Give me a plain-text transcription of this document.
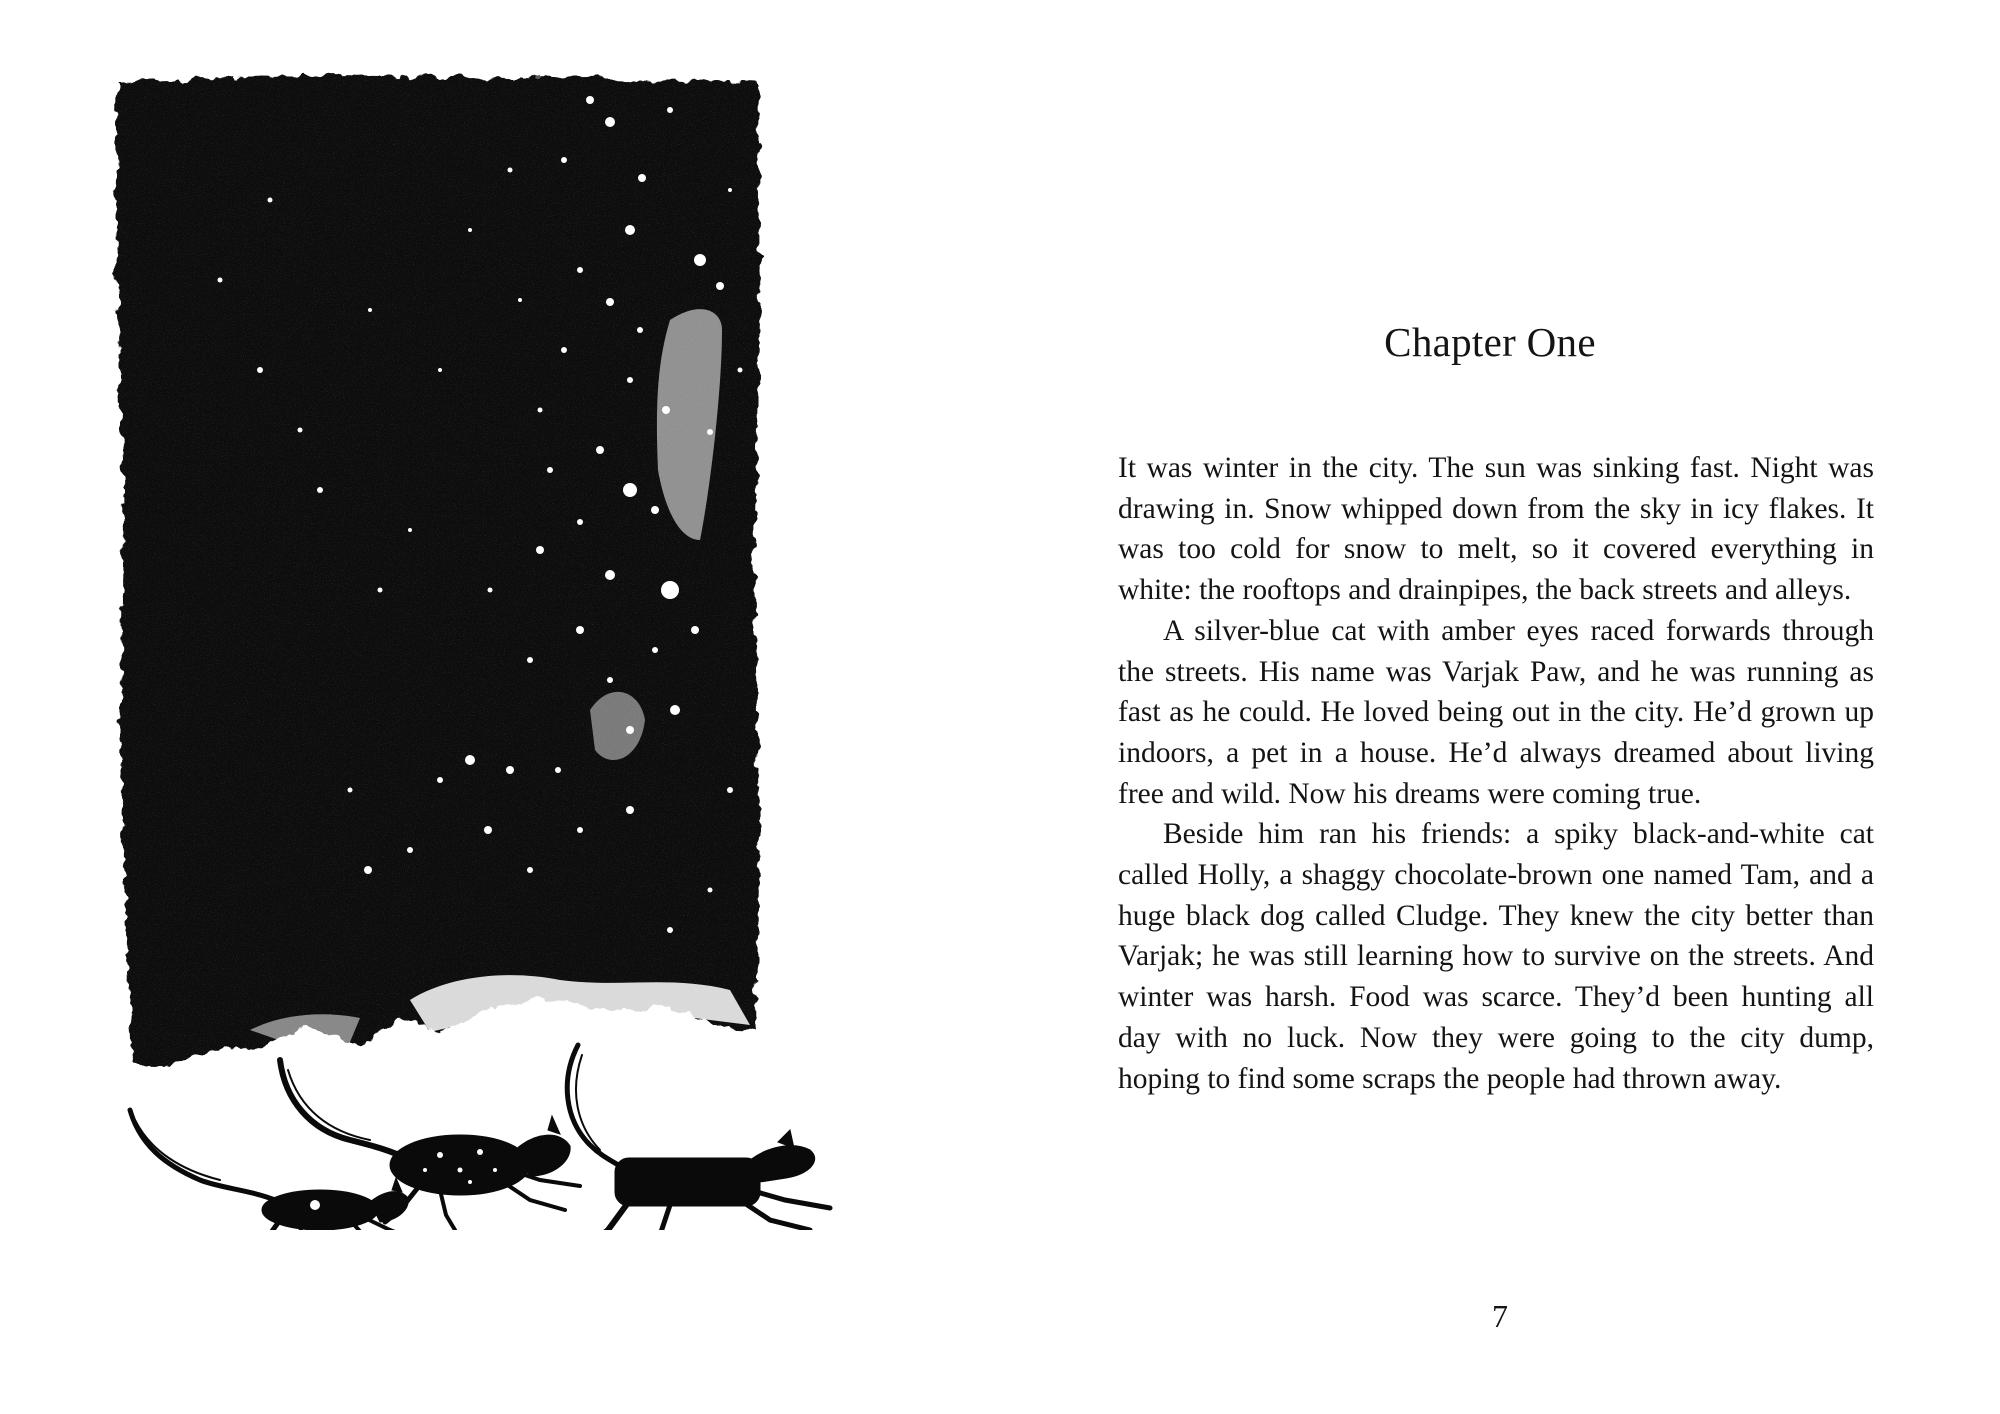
Chapter One

It was winter in the city. The sun was sinking fast. Night was drawing in. Snow whipped down from the sky in icy flakes. It was too cold for snow to melt, so it covered everything in white: the rooftops and drainpipes, the back streets and alleys.

A silver-blue cat with amber eyes raced forwards through the streets. His name was Varjak Paw, and he was running as fast as he could. He loved being out in the city. He’d grown up indoors, a pet in a house. He’d always dreamed about living free and wild. Now his dreams were coming true.

Beside him ran his friends: a spiky black-and-white cat called Holly, a shaggy chocolate-brown one named Tam, and a huge black dog called Cludge. They knew the city better than Varjak; he was still learning how to survive on the streets. And winter was harsh. Food was scarce. They’d been hunting all day with no luck. Now they were going to the city dump, hoping to find some scraps the people had thrown away.

7
